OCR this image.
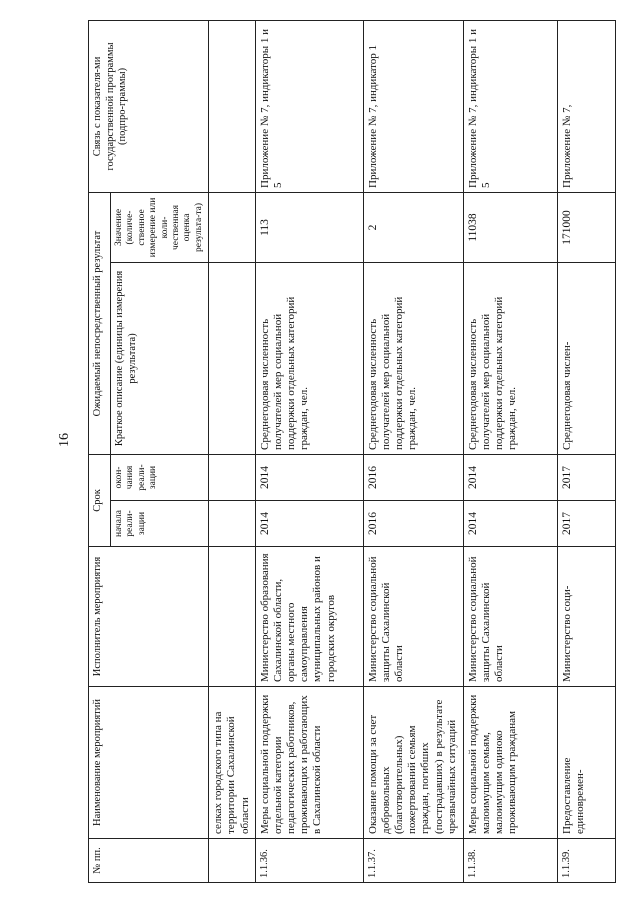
16
№ пп.	Наименование мероприятий	Исполнитель мероприятия	Срок		Ожидаемый непосредственный результат		Связь с показателя-ми государственной программы (подпро-граммы)
			начала реали-зации	окон-чания реали-зации	Краткое описание (единицы измерения результата)	Значение (количе-ственное измерение или коли-чественная оценка результа-та)	
	селках городского типа на территории Сахалинской области						
1.1.36.	Меры социальной поддержки отдельной категории педагогических работников, проживающих и работающих в Сахалинской области	Министерство образования Сахалинской области, органы местного самоуправления муниципальных районов и городских округов	2014	2014	Среднегодовая численность получателей мер социальной поддержки отдельных категорий граждан, чел.	113	Приложение № 7, индикаторы 1 и 5
1.1.37.	Оказание помощи за счет добровольных (благотворительных) пожертвований семьям граждан, погибших (пострадавших) в результате чрезвычайных ситуаций	Министерство социальной защиты Сахалинской области	2016	2016	Среднегодовая численность получателей мер социальной поддержки отдельных категорий граждан, чел.	2	Приложение № 7, индикатор 1
1.1.38.	Меры социальной поддержки малоимущим семьям, малоимущим одиноко проживающим гражданам	Министерство социальной защиты Сахалинской области	2014	2014	Среднегодовая численность получателей мер социальной поддержки отдельных категорий граждан, чел.	11038	Приложение № 7, индикаторы 1 и 5
1.1.39.	Предоставление единовремен-	Министерство соци-	2017	2017	Среднегодовая числен-	171000	Приложение № 7,
